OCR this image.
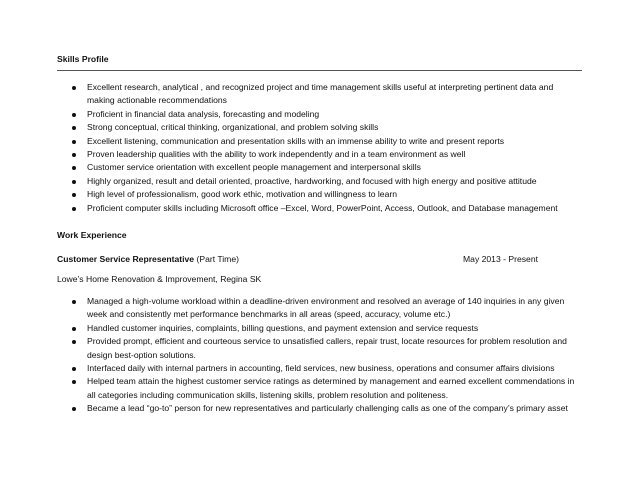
Skills Profile
Excellent research, analytical , and recognized project and time management skills useful at interpreting pertinent data and making actionable recommendations
Proficient in financial data analysis, forecasting and modeling
Strong conceptual, critical thinking, organizational, and problem solving skills
Excellent listening, communication and presentation skills with an immense ability to write and present reports
Proven leadership qualities with the ability to work independently and in a team environment as well
Customer service orientation with excellent people management and interpersonal skills
Highly organized, result and detail oriented, proactive, hardworking, and focused with high energy and positive attitude
High level of professionalism, good work ethic, motivation and willingness to learn
Proficient computer skills including Microsoft office –Excel, Word, PowerPoint, Access, Outlook, and Database management
Work Experience
Customer Service Representative (Part Time)	May 2013 - Present
Lowe’s Home Renovation & Improvement, Regina SK
Managed a high-volume workload within a deadline-driven environment and resolved an average of 140 inquiries in any given week and consistently met performance benchmarks in all areas (speed, accuracy, volume etc.)
Handled customer inquiries, complaints, billing questions, and payment extension and service requests
Provided prompt, efficient and courteous service to unsatisfied callers, repair trust, locate resources for problem resolution and design best-option solutions.
Interfaced daily with internal partners in accounting, field services, new business, operations and consumer affairs divisions
Helped team attain the highest customer service ratings as determined by management and earned excellent commendations in all categories including communication skills, listening skills, problem resolution and politeness.
Became a lead “go-to” person for new representatives and particularly challenging calls as one of the company’s primary asset
